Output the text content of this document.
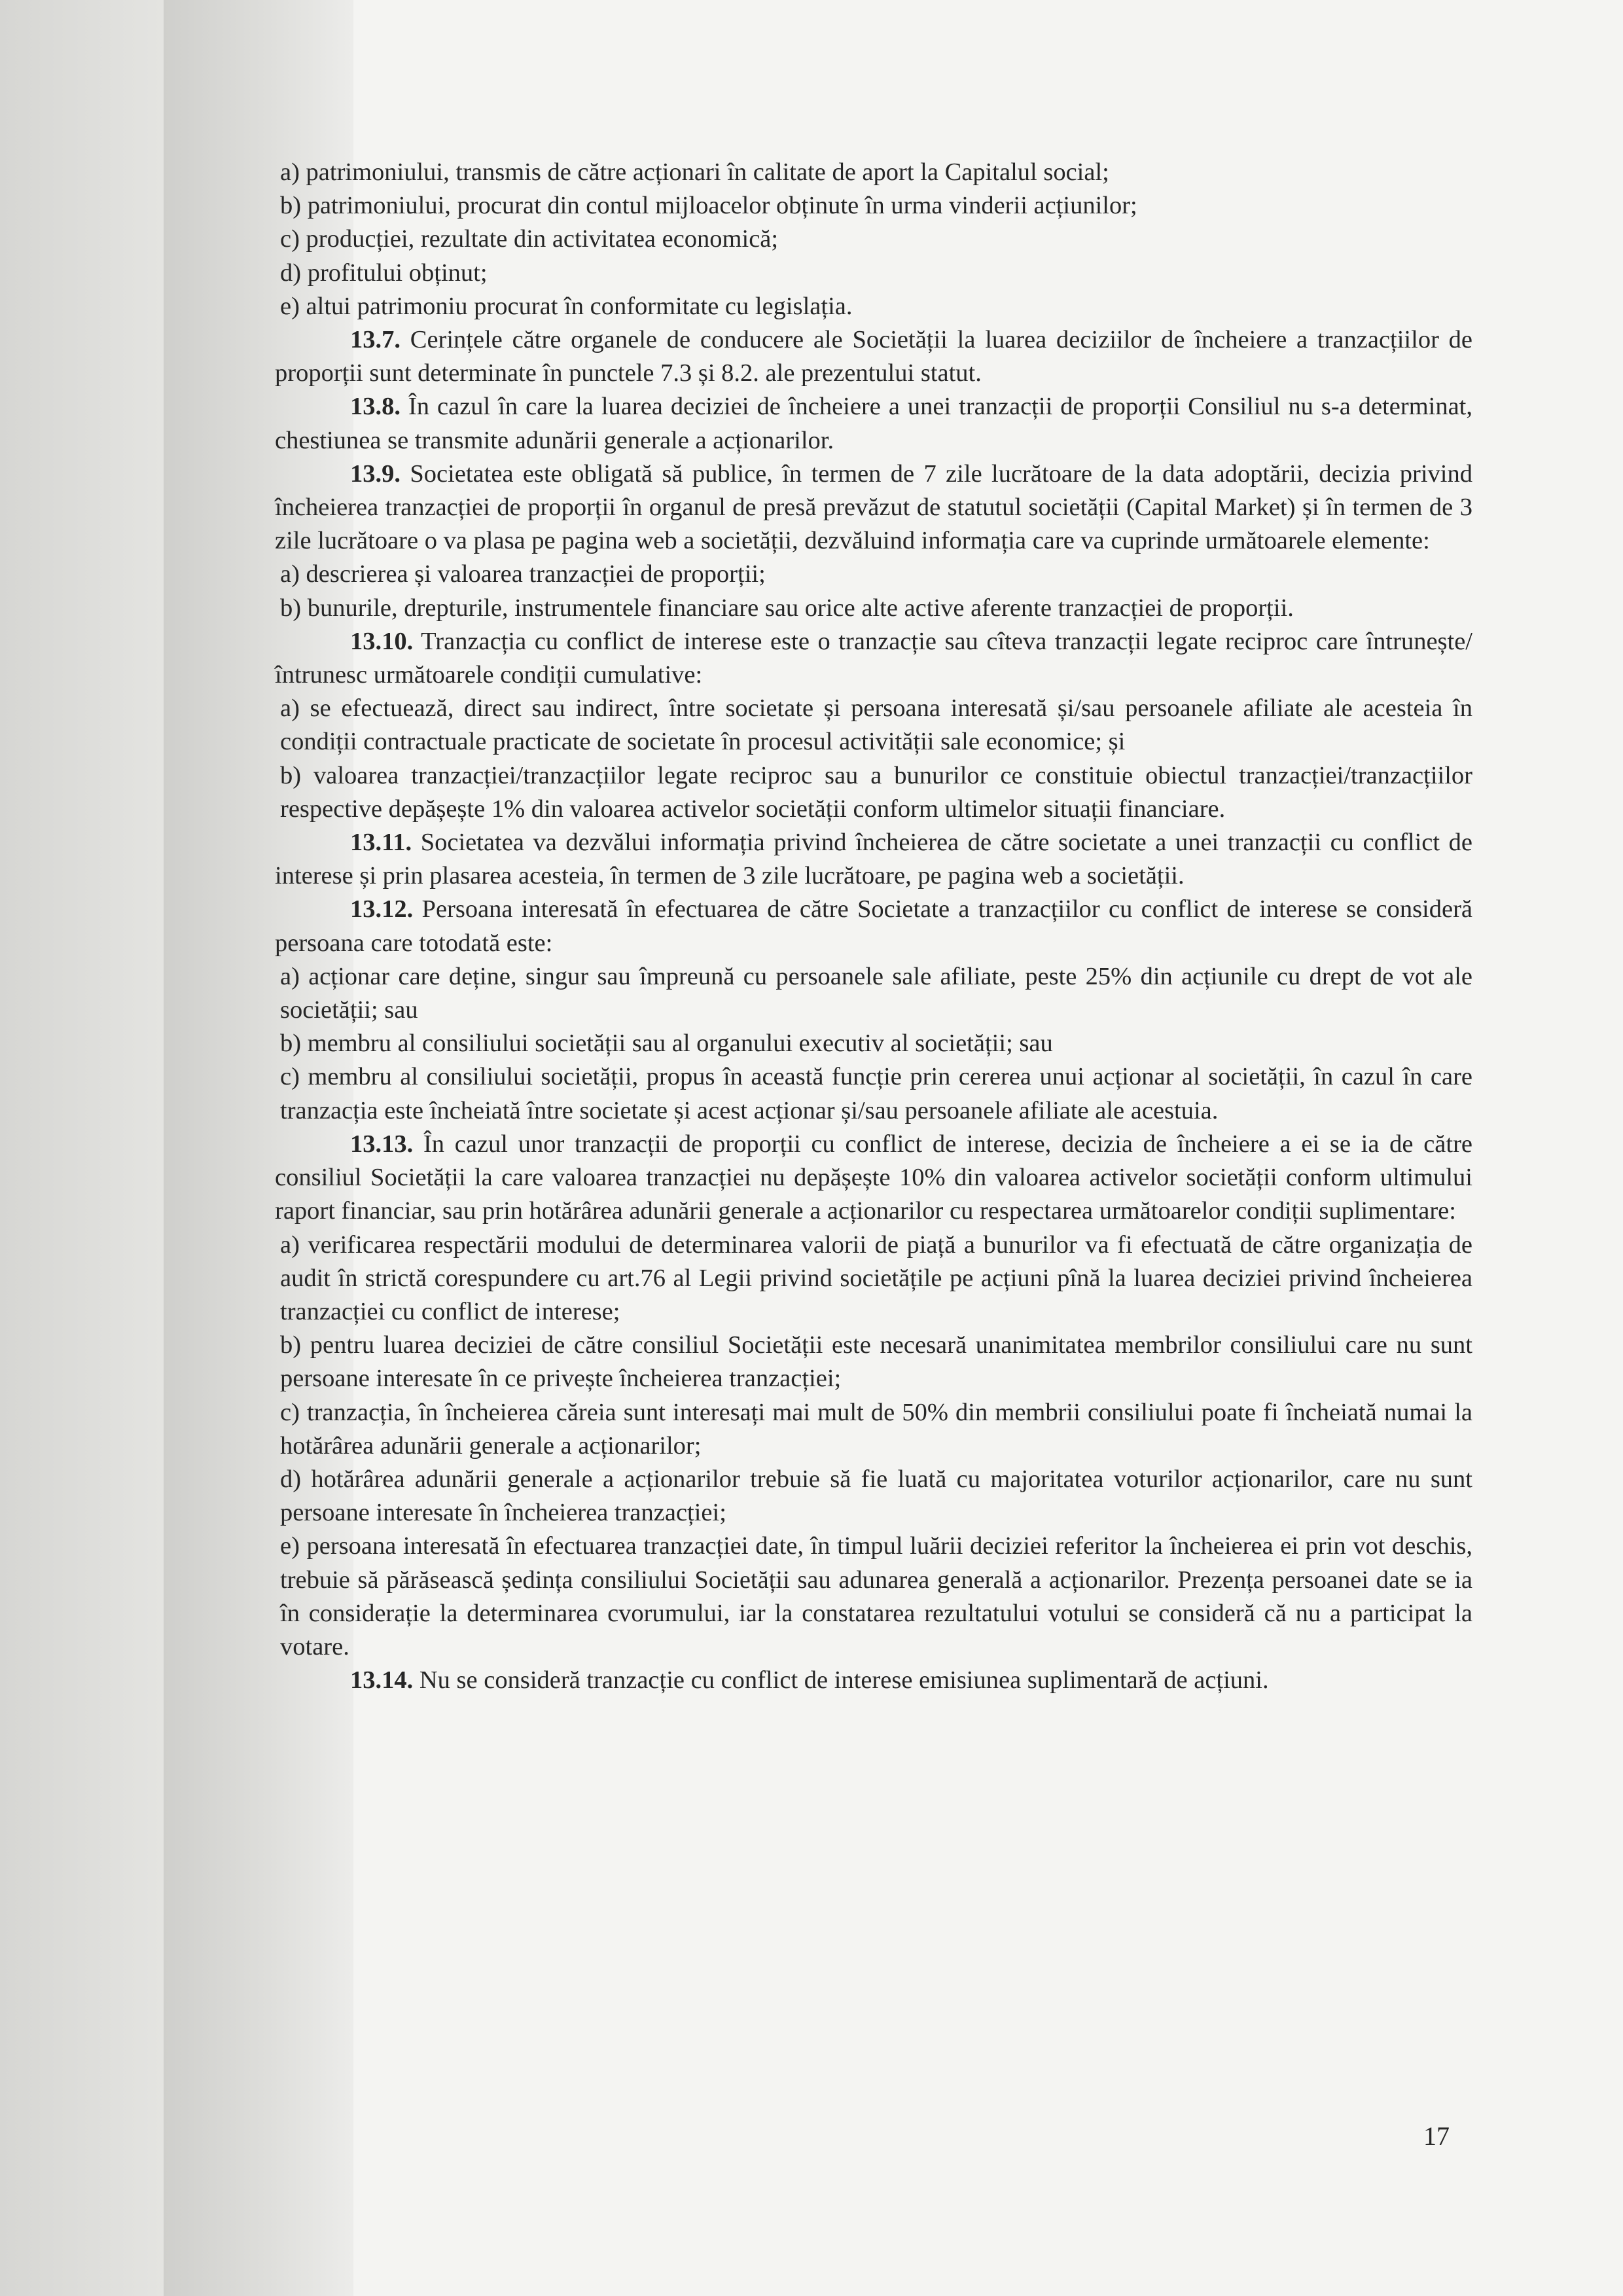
a) patrimoniului, transmis de către acționari în calitate de aport la Capitalul social;

b) patrimoniului, procurat din contul mijloacelor obținute în urma vinderii acțiunilor;

c) producției, rezultate din activitatea economică;

d) profitului obținut;

e) altui patrimoniu procurat în conformitate cu legislația.

13.7. Cerințele către organele de conducere ale Societății la luarea deciziilor de încheiere a tranzacțiilor de proporții sunt determinate în punctele 7.3 și 8.2. ale prezentului statut.

13.8. În cazul în care la luarea deciziei de încheiere a unei tranzacții de proporții Consiliul nu s-a determinat, chestiunea se transmite adunării generale a acționarilor.

13.9. Societatea este obligată să publice, în termen de 7 zile lucrătoare de la data adoptării, decizia privind încheierea tranzacției de proporții în organul de presă prevăzut de statutul societății (Capital Market) și în termen de 3 zile lucrătoare o va plasa pe pagina web a societății, dezvăluind informația care va cuprinde următoarele elemente:

a) descrierea și valoarea tranzacției de proporții;

b) bunurile, drepturile, instrumentele financiare sau orice alte active aferente tranzacției de proporții.

13.10. Tranzacția cu conflict de interese este o tranzacție sau cîteva tranzacții legate reciproc care întrunește/întrunesc următoarele condiții cumulative:

a) se efectuează, direct sau indirect, între societate și persoana interesată și/sau persoanele afiliate ale acesteia în condiții contractuale practicate de societate în procesul activității sale economice; și

b) valoarea tranzacției/tranzacțiilor legate reciproc sau a bunurilor ce constituie obiectul tranzacției/tranzacțiilor respective depășește 1% din valoarea activelor societății conform ultimelor situații financiare.

13.11. Societatea va dezvălui informația privind încheierea de către societate a unei tranzacții cu conflict de interese și prin plasarea acesteia, în termen de 3 zile lucrătoare, pe pagina web a societății.

13.12. Persoana interesată în efectuarea de către Societate a tranzacțiilor cu conflict de interese se consideră persoana care totodată este:

a) acționar care deține, singur sau împreună cu persoanele sale afiliate, peste 25% din acțiunile cu drept de vot ale societății; sau

b) membru al consiliului societății sau al organului executiv al societății; sau

c) membru al consiliului societății, propus în această funcție prin cererea unui acționar al societății, în cazul în care tranzacția este încheiată între societate și acest acționar și/sau persoanele afiliate ale acestuia.

13.13. În cazul unor tranzacții de proporții cu conflict de interese, decizia de încheiere a ei se ia de către consiliul Societății la care valoarea tranzacției nu depășește 10% din valoarea activelor societății conform ultimului raport financiar, sau prin hotărârea adunării generale a acționarilor cu respectarea următoarelor condiții suplimentare:

a) verificarea respectării modului de determinarea valorii de piață a bunurilor va fi efectuată de către organizația de audit în strictă corespundere cu art.76 al Legii privind societățile pe acțiuni pînă la luarea deciziei privind încheierea tranzacției cu conflict de interese;

b) pentru luarea deciziei de către consiliul Societății este necesară unanimitatea membrilor consiliului care nu sunt persoane interesate în ce privește încheierea tranzacției;

c) tranzacția, în încheierea căreia sunt interesați mai mult de 50% din membrii consiliului poate fi încheiată numai la hotărârea adunării generale a acționarilor;

d) hotărârea adunării generale a acționarilor trebuie să fie luată cu majoritatea voturilor acționarilor, care nu sunt persoane interesate în încheierea tranzacției;

e) persoana interesată în efectuarea tranzacției date, în timpul luării deciziei referitor la încheierea ei prin vot deschis, trebuie să părăsească ședința consiliului Societății sau adunarea generală a acționarilor. Prezența persoanei date se ia în considerație la determinarea cvorumului, iar la constatarea rezultatului votului se consideră că nu a participat la votare.

13.14. Nu se consideră tranzacție cu conflict de interese emisiunea suplimentară de acțiuni.

17
